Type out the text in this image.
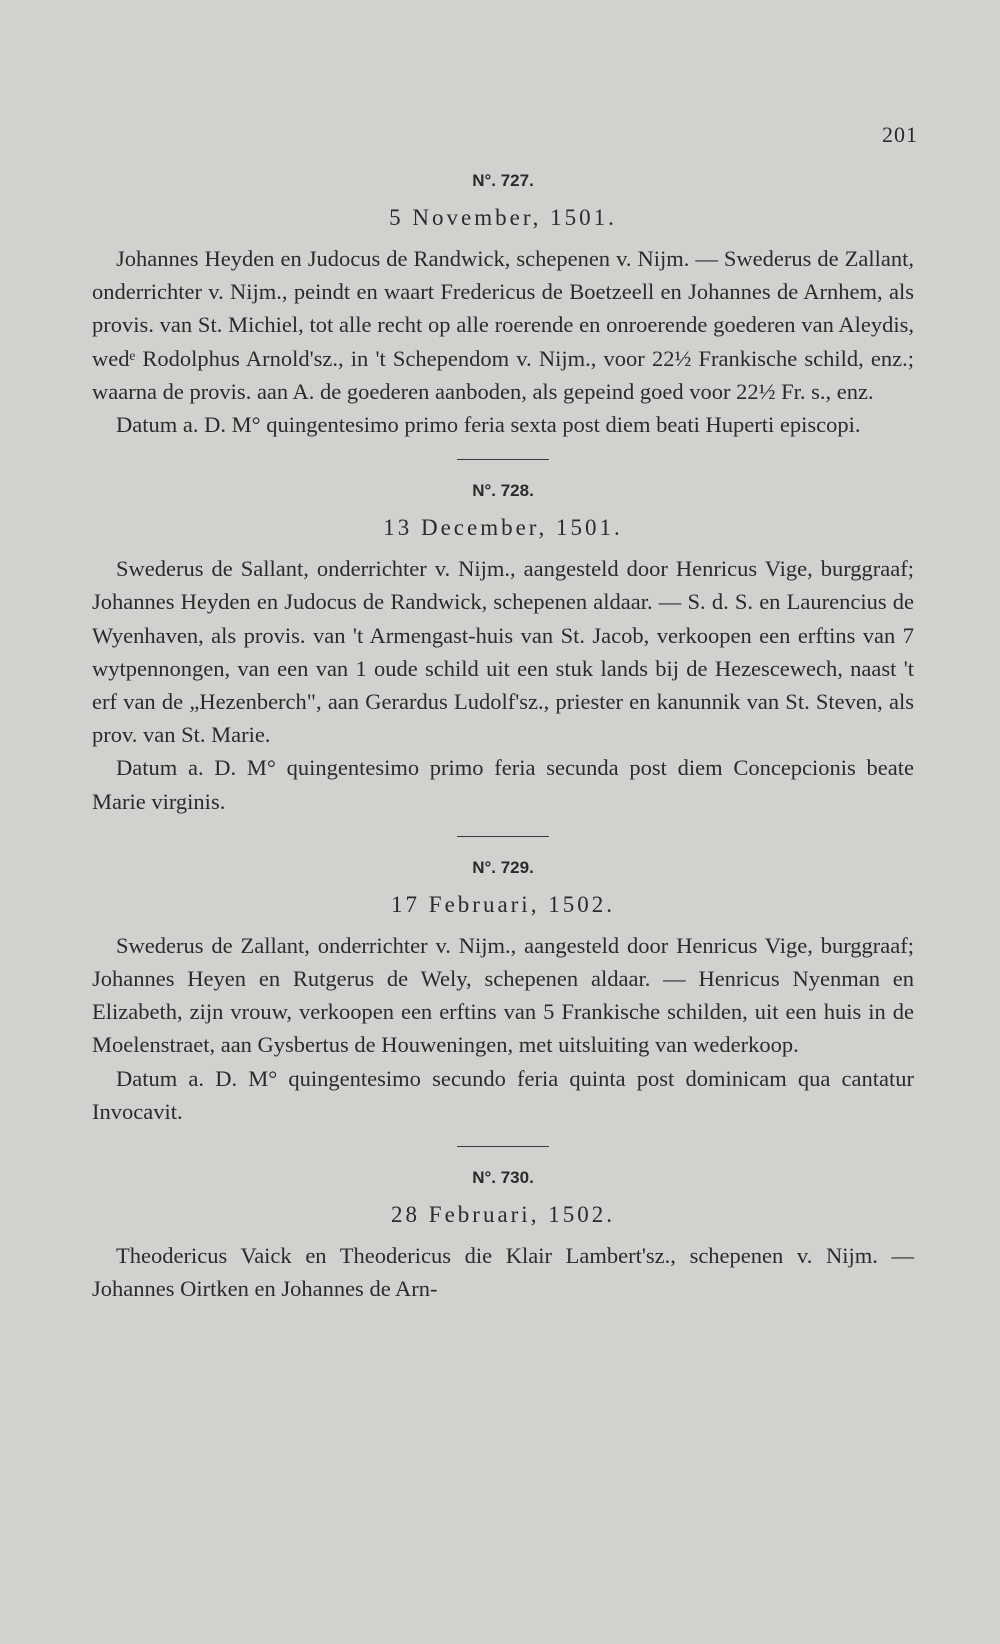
201

N°. 727.

5 November, 1501.

Johannes Heyden en Judocus de Randwick, schepenen v. Nijm. — Swederus de Zallant, onderrichter v. Nijm., peindt en waart Fredericus de Boetzeell en Johannes de Arnhem, als provis. van St. Michiel, tot alle recht op alle roerende en onroerende goederen van Aleydis, wedᵉ Rodolphus Arnold'sz., in 't Schependom v. Nijm., voor 22½ Frankische schild, enz.; waarna de provis. aan A. de goederen aanboden, als gepeind goed voor 22½ Fr. s., enz.

Datum a. D. M° quingentesimo primo feria sexta post diem beati Huperti episcopi.

N°. 728.

13 December, 1501.

Swederus de Sallant, onderrichter v. Nijm., aangesteld door Henricus Vige, burggraaf; Johannes Heyden en Judocus de Randwick, schepenen aldaar. — S. d. S. en Laurencius de Wyenhaven, als provis. van 't Armengast-huis van St. Jacob, verkoopen een erftins van 7 wytpennongen, van een van 1 oude schild uit een stuk lands bij de Hezescewech, naast 't erf van de „Hezenberch", aan Gerardus Ludolf'sz., priester en kanunnik van St. Steven, als prov. van St. Marie.

Datum a. D. M° quingentesimo primo feria secunda post diem Concepcionis beate Marie virginis.

N°. 729.

17 Februari, 1502.

Swederus de Zallant, onderrichter v. Nijm., aangesteld door Henricus Vige, burggraaf; Johannes Heyen en Rutgerus de Wely, schepenen aldaar. — Henricus Nyenman en Elizabeth, zijn vrouw, verkoopen een erftins van 5 Frankische schilden, uit een huis in de Moelenstraet, aan Gysbertus de Houweningen, met uitsluiting van wederkoop.

Datum a. D. M° quingentesimo secundo feria quinta post dominicam qua cantatur Invocavit.

N°. 730.

28 Februari, 1502.

Theodericus Vaick en Theodericus die Klair Lambert'sz., schepenen v. Nijm. — Johannes Oirtken en Johannes de Arn-
